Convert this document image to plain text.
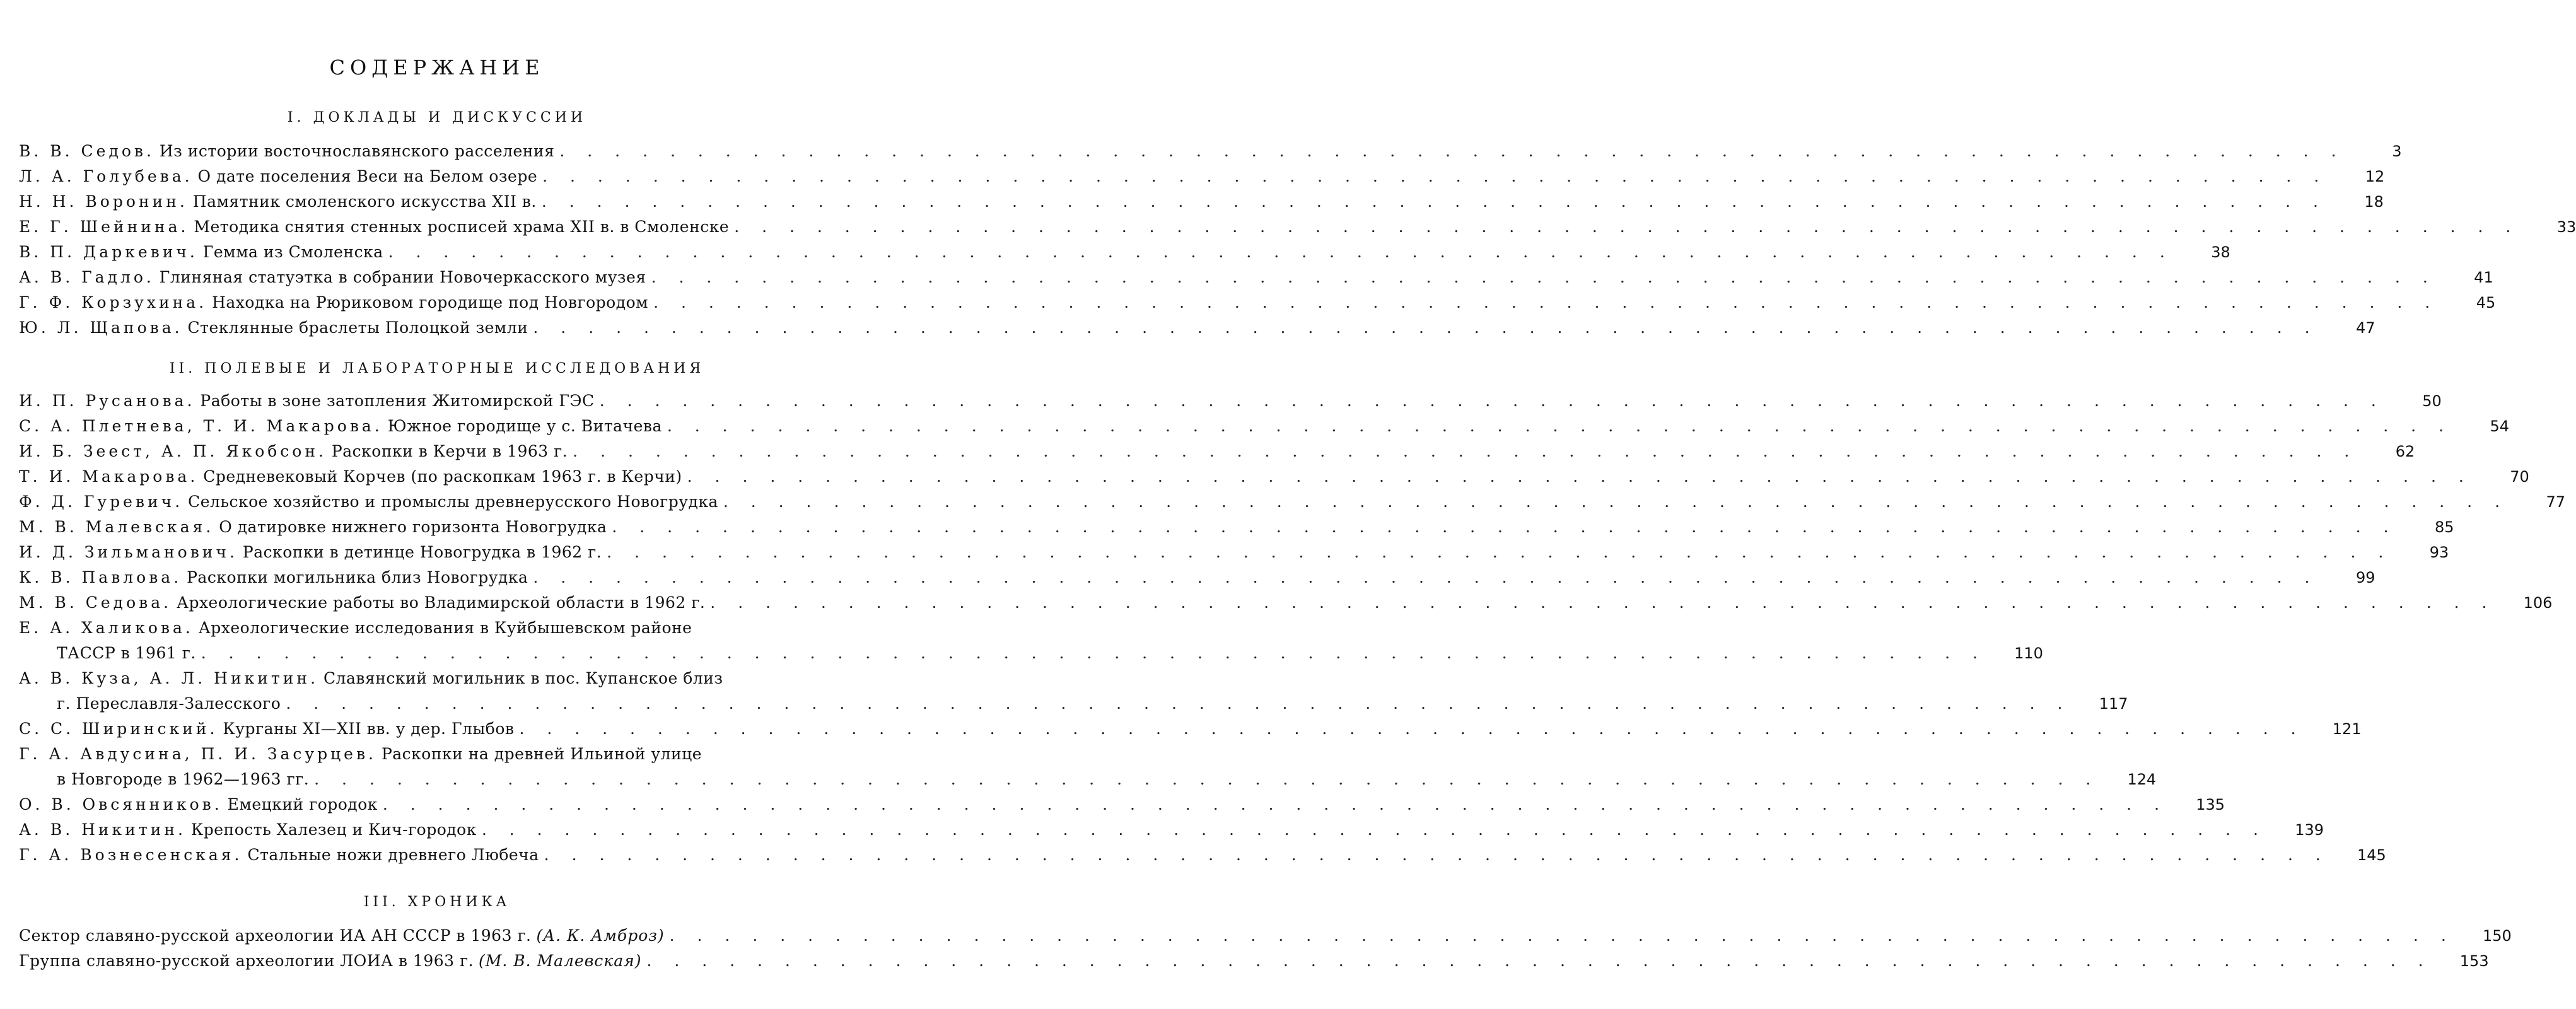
СОДЕРЖАНИЕ
I. ДОКЛАДЫ И ДИСКУССИИ
В. В. Седов. Из истории восточнославянского расселения . . .	3
Л. А. Голубева. О дате поселения Веси на Белом озере . . .	12
Н. Н. Воронин. Памятник смоленского искусства XII в. . . .	18
Е. Г. Шейнина. Методика снятия стенных росписей храма XII в. в Смоленске . . .	33
В. П. Даркевич. Гемма из Смоленска . . .	38
А. В. Гадло. Глиняная статуэтка в собрании Новочеркасского музея . . .	41
Г. Ф. Корзухина. Находка на Рюриковом городище под Новгородом . . .	45
Ю. Л. Щапова. Стеклянные браслеты Полоцкой земли . . .	47
II. ПОЛЕВЫЕ И ЛАБОРАТОРНЫЕ ИССЛЕДОВАНИЯ
И. П. Русанова. Работы в зоне затопления Житомирской ГЭС . . .	50
С. А. Плетнева, Т. И. Макарова. Южное городище у с. Витачева . . .	54
И. Б. Зеест, А. П. Якобсон. Раскопки в Керчи в 1963 г. . . .	62
Т. И. Макарова. Средневековый Корчев (по раскопкам 1963 г. в Керчи) . . .	70
Ф. Д. Гуревич. Сельское хозяйство и промыслы древнерусского Новогрудка . . .	77
М. В. Малевская. О датировке нижнего горизонта Новогрудка . . .	85
И. Д. Зильманович. Раскопки в детинце Новогрудка в 1962 г. . . .	93
К. В. Павлова. Раскопки могильника близ Новогрудка . . .	99
М. В. Седова. Археологические работы во Владимирской области в 1962 г. . . .	106
Е. А. Халикова. Археологические исследования в Куйбышевском районе
ТАССР в 1961 г. . . .	110
А. В. Куза, А. Л. Никитин. Славянский могильник в пос. Купанское близ
г. Переславля-Залесского . . .	117
С. С. Ширинский. Курганы XI—XII вв. у дер. Глыбов . . .	121
Г. А. Авдусина, П. И. Засурцев. Раскопки на древней Ильиной улице
в Новгороде в 1962—1963 гг. . . .	124
О. В. Овсянников. Емецкий городок . . .	135
А. В. Никитин. Крепость Халезец и Кич-городок . . .	139
Г. А. Вознесенская. Стальные ножи древнего Любеча . . .	145
III. ХРОНИКА
Сектор славяно-русской археологии ИА АН СССР в 1963 г. (А. К. Амброз) . . .	150
Группа славяно-русской археологии ЛОИА в 1963 г. (М. В. Малевская) . . .	153
